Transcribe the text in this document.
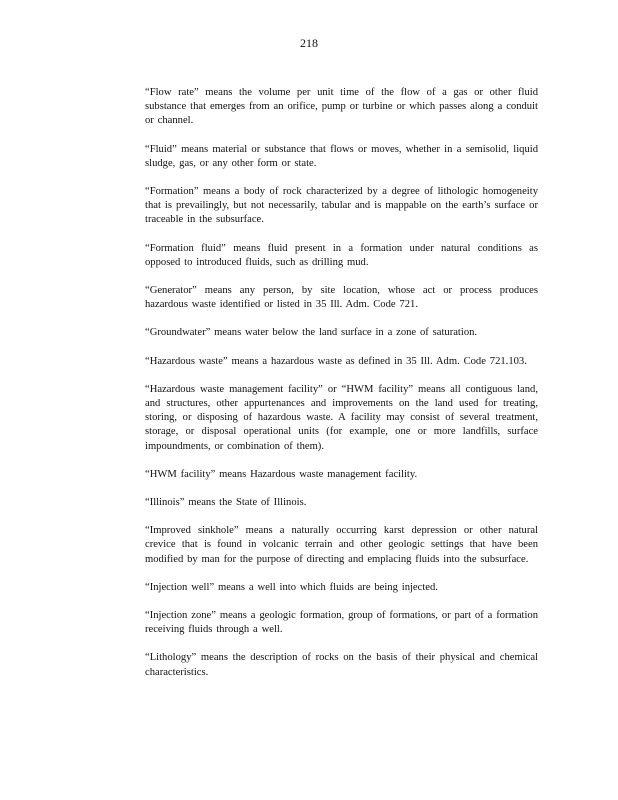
218

“Flow rate” means the volume per unit time of the flow of a gas or other fluid substance that emerges from an orifice, pump or turbine or which passes along a conduit or channel.

“Fluid” means material or substance that flows or moves, whether in a semisolid, liquid sludge, gas, or any other form or state.

“Formation” means a body of rock characterized by a degree of lithologic homogeneity that is prevailingly, but not necessarily, tabular and is mappable on the earth’s surface or traceable in the subsurface.

“Formation fluid” means fluid present in a formation under natural conditions as opposed to introduced fluids, such as drilling mud.

“Generator” means any person, by site location, whose act or process produces hazardous waste identified or listed in 35 Ill. Adm. Code 721.

“Groundwater” means water below the land surface in a zone of saturation.

“Hazardous waste” means a hazardous waste as defined in 35 Ill. Adm. Code 721.103.

“Hazardous waste management facility” or “HWM facility” means all contiguous land, and structures, other appurtenances and improvements on the land used for treating, storing, or disposing of hazardous waste. A facility may consist of several treatment, storage, or disposal operational units (for example, one or more landfills, surface impoundments, or combination of them).

“HWM facility” means Hazardous waste management facility.

“Illinois” means the State of Illinois.

“Improved sinkhole” means a naturally occurring karst depression or other natural crevice that is found in volcanic terrain and other geologic settings that have been modified by man for the purpose of directing and emplacing fluids into the subsurface.

“Injection well” means a well into which fluids are being injected.

“Injection zone” means a geologic formation, group of formations, or part of a formation receiving fluids through a well.

“Lithology” means the description of rocks on the basis of their physical and chemical characteristics.
